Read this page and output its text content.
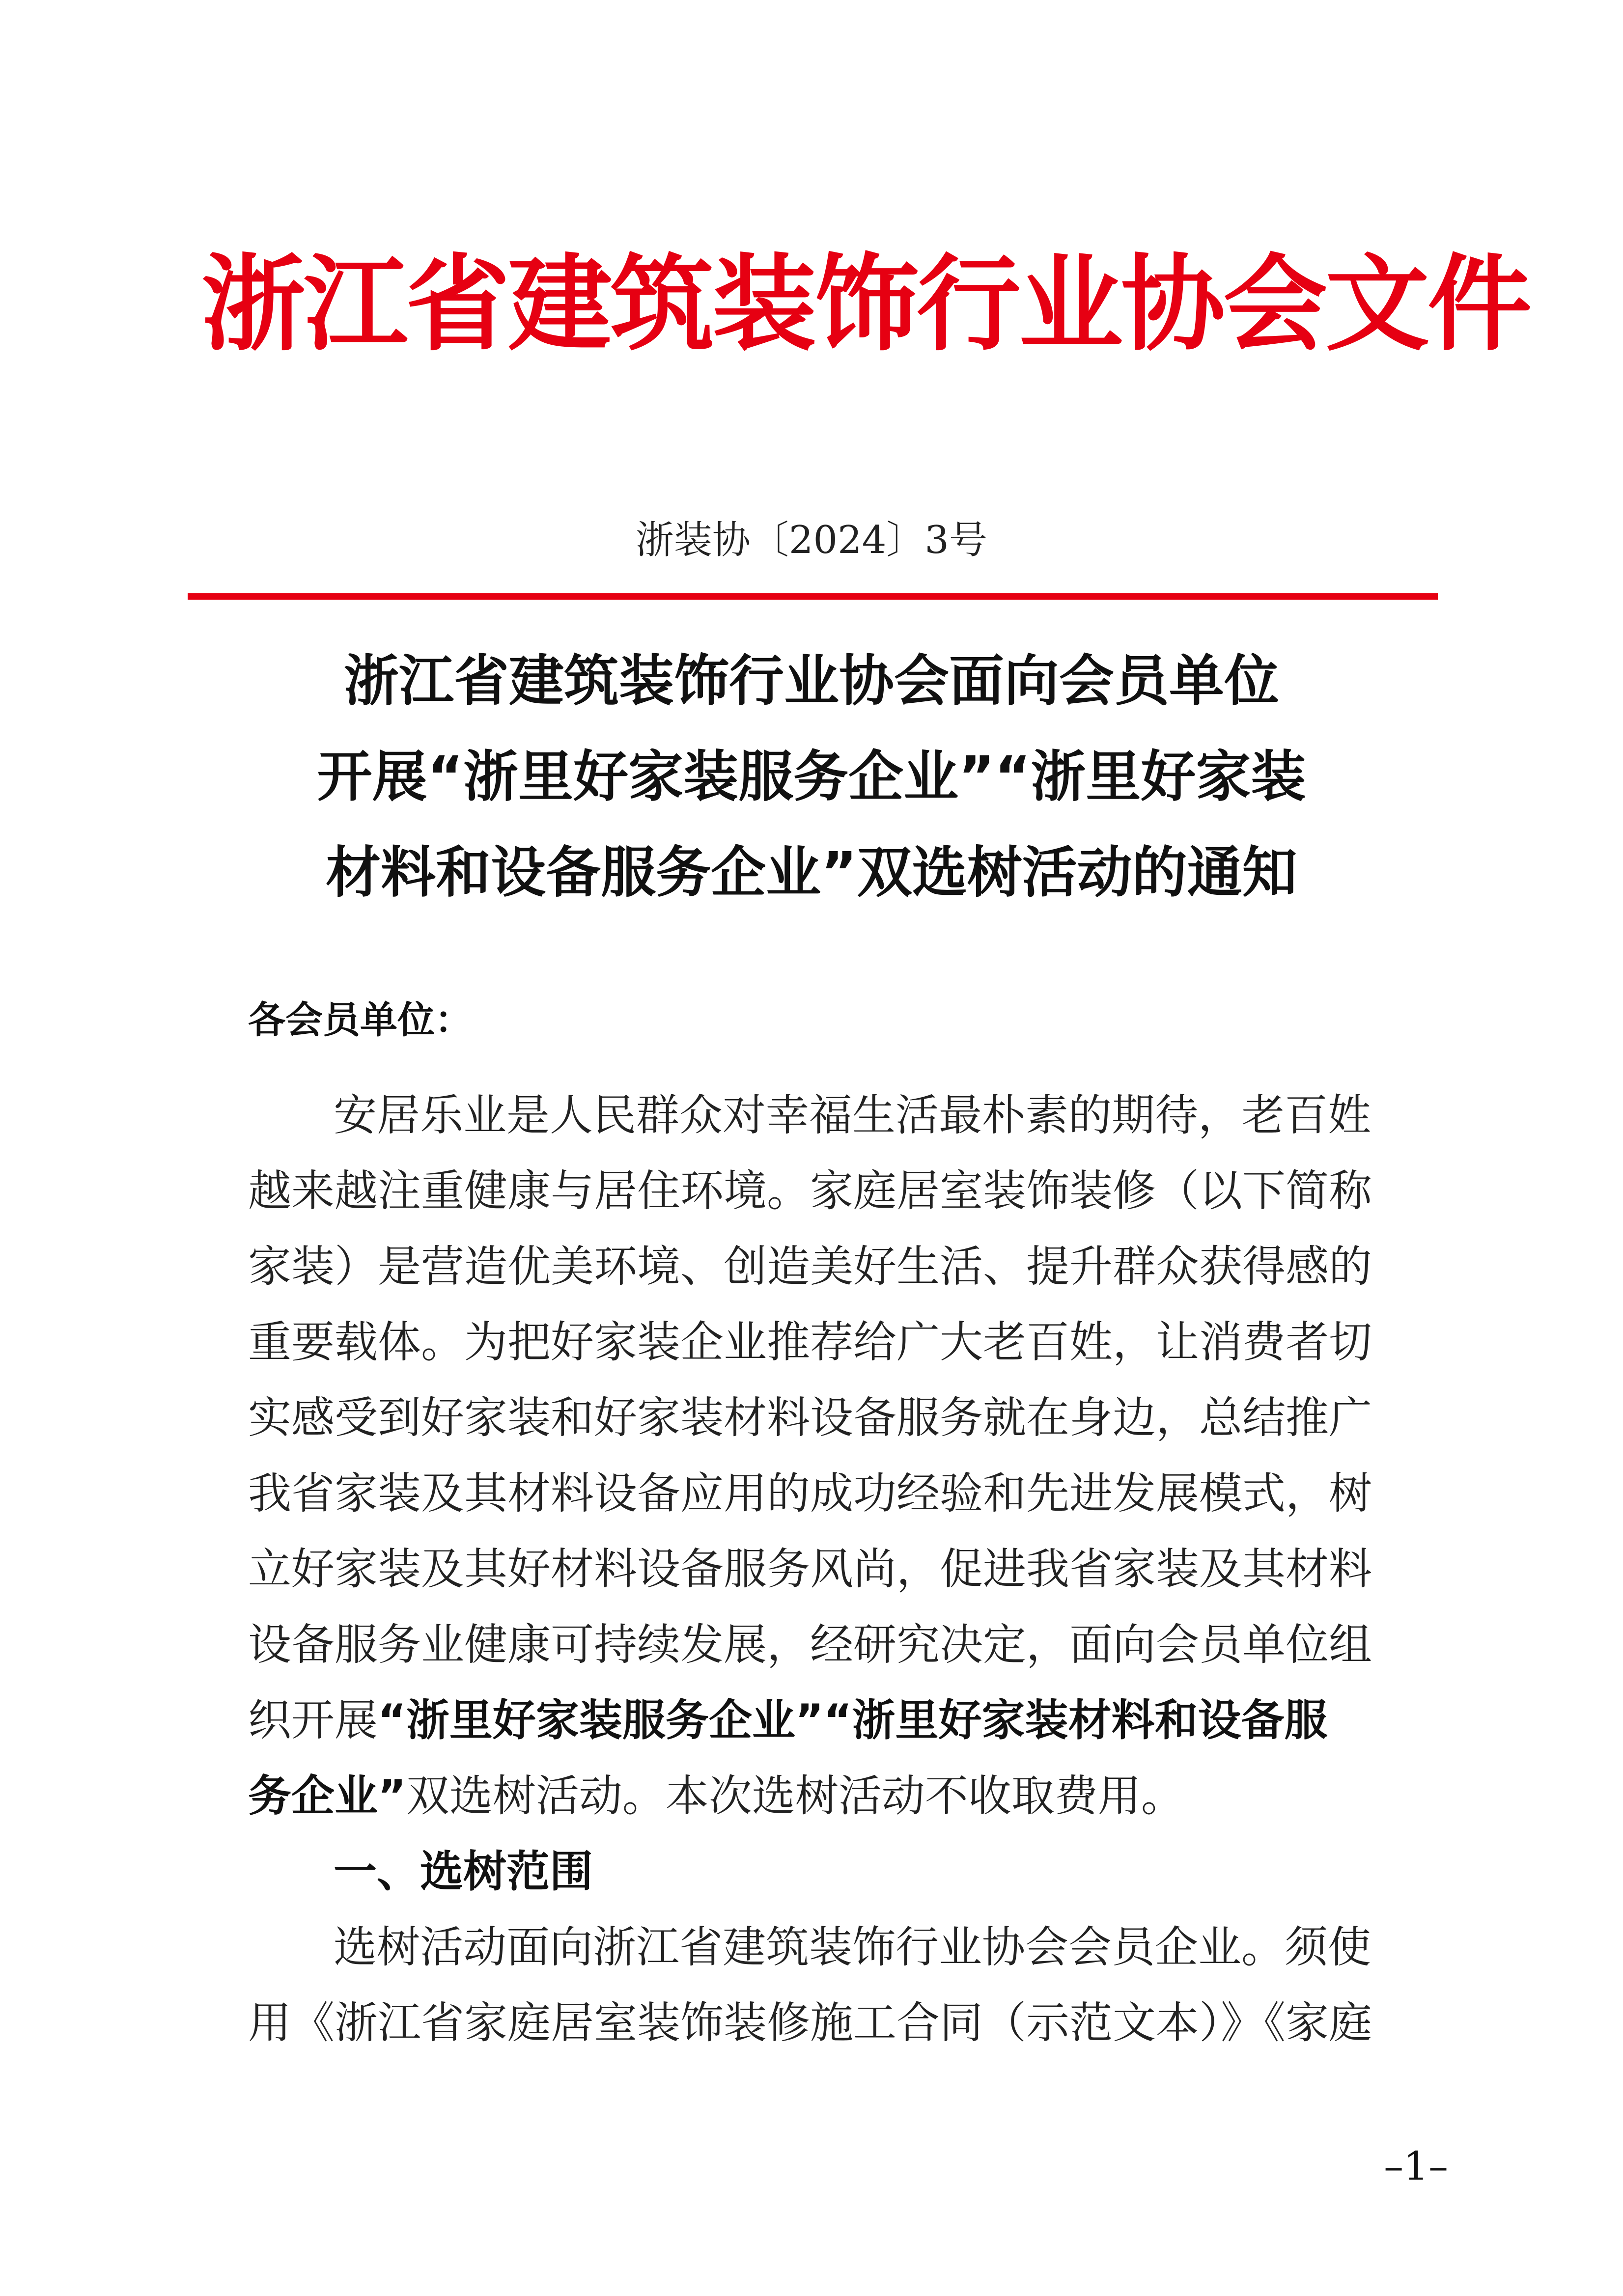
浙江省建筑装饰行业协会文件
浙装协〔2024〕3号
浙江省建筑装饰行业协会面向会员单位
开展“浙里好家装服务企业”“浙里好家装
材料和设备服务企业”双选树活动的通知
各会员单位：
安居乐业是人民群众对幸福生活最朴素的期待，老百姓
越来越注重健康与居住环境。家庭居室装饰装修（以下简称
家装）是营造优美环境、创造美好生活、提升群众获得感的
重要载体。为把好家装企业推荐给广大老百姓，让消费者切
实感受到好家装和好家装材料设备服务就在身边，总结推广
我省家装及其材料设备应用的成功经验和先进发展模式，树
立好家装及其好材料设备服务风尚，促进我省家装及其材料
设备服务业健康可持续发展，经研究决定，面向会员单位组
织开展“浙里好家装服务企业”“浙里好家装材料和设备服
务企业”双选树活动。本次选树活动不收取费用。
一、选树范围
选树活动面向浙江省建筑装饰行业协会会员企业。须使
用《浙江省家庭居室装饰装修施工合同（示范文本）》《家庭
–1–
